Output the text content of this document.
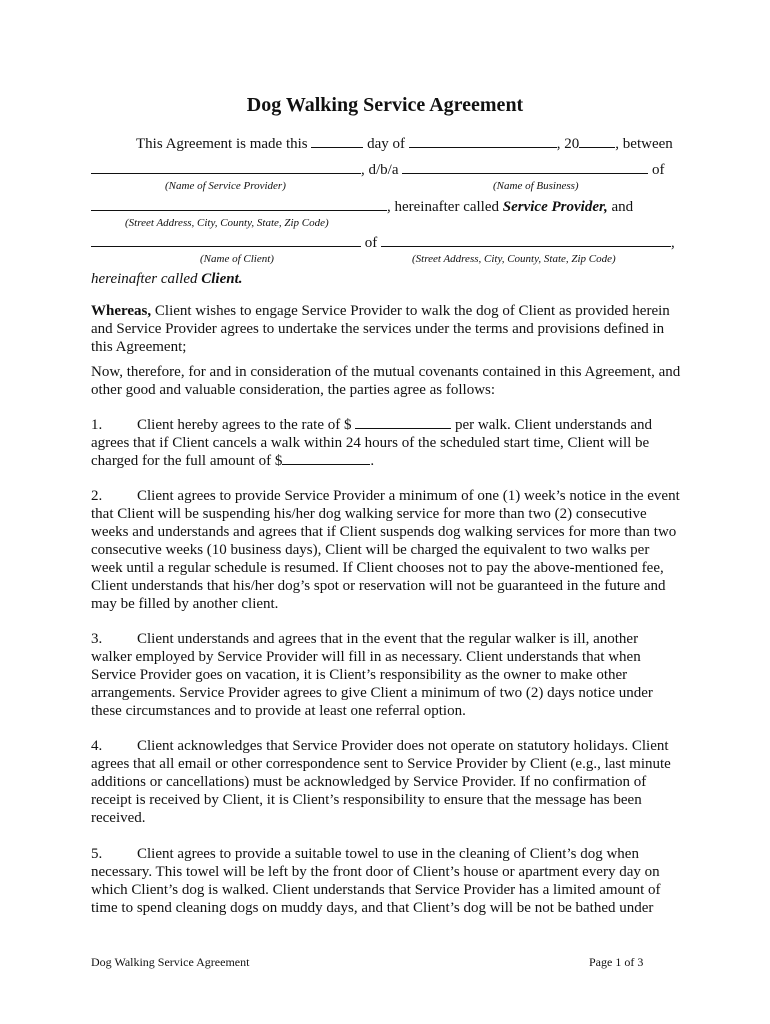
Dog Walking Service Agreement
This Agreement is made this	day of	, 20 , between
, d/b/a	of
(Name of Service Provider)	(Name of Business)
, hereinafter called Service Provider, and
(Street Address, City, County, State, Zip Code)
of	,
(Name of Client)	(Street Address, City, County, State, Zip Code)
hereinafter called Client.
Whereas, Client wishes to engage Service Provider to walk the dog of Client as provided herein and Service Provider agrees to undertake the services under the terms and provisions defined in this Agreement;
Now, therefore, for and in consideration of the mutual covenants contained in this Agreement, and other good and valuable consideration, the parties agree as follows:
1. Client hereby agrees to the rate of $	per walk. Client understands and agrees that if Client cancels a walk within 24 hours of the scheduled start time, Client will be charged for the full amount of $	.
2. Client agrees to provide Service Provider a minimum of one (1) week’s notice in the event that Client will be suspending his/her dog walking service for more than two (2) consecutive weeks and understands and agrees that if Client suspends dog walking services for more than two consecutive weeks (10 business days), Client will be charged the equivalent to two walks per week until a regular schedule is resumed. If Client chooses not to pay the above-mentioned fee, Client understands that his/her dog’s spot or reservation will not be guaranteed in the future and may be filled by another client.
3. Client understands and agrees that in the event that the regular walker is ill, another walker employed by Service Provider will fill in as necessary. Client understands that when Service Provider goes on vacation, it is Client’s responsibility as the owner to make other arrangements. Service Provider agrees to give Client a minimum of two (2) days notice under these circumstances and to provide at least one referral option.
4. Client acknowledges that Service Provider does not operate on statutory holidays. Client agrees that all email or other correspondence sent to Service Provider by Client (e.g., last minute additions or cancellations) must be acknowledged by Service Provider. If no confirmation of receipt is received by Client, it is Client’s responsibility to ensure that the message has been received.
5. Client agrees to provide a suitable towel to use in the cleaning of Client’s dog when necessary. This towel will be left by the front door of Client’s house or apartment every day on which Client’s dog is walked. Client understands that Service Provider has a limited amount of time to spend cleaning dogs on muddy days, and that Client’s dog will be not be bathed under
Dog Walking Service Agreement	Page 1 of 3
